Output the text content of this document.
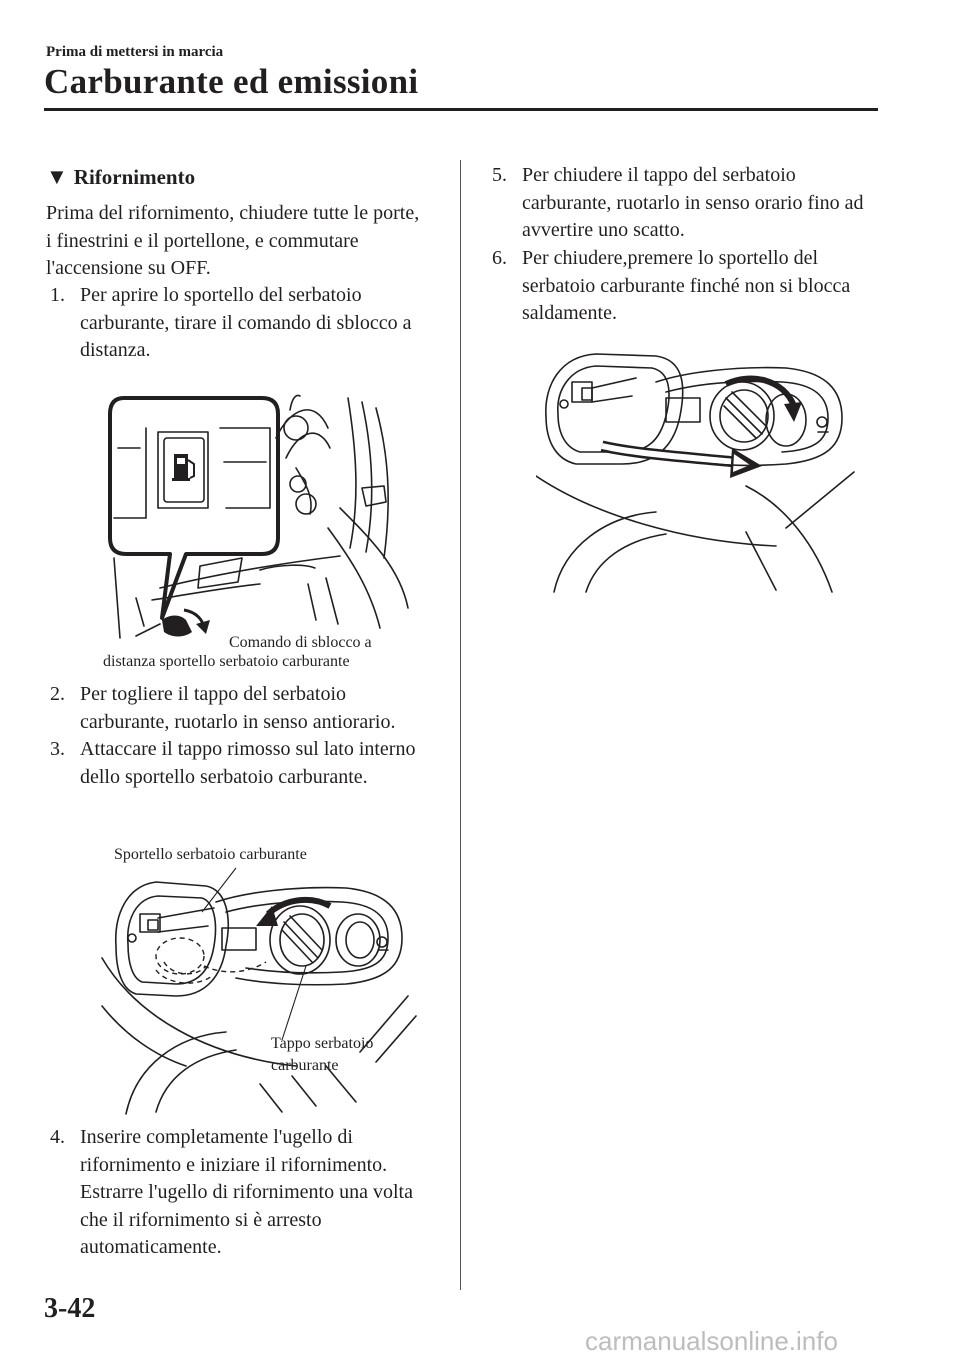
Prima di mettersi in marcia
Carburante ed emissioni
▼ Rifornimento
Prima del rifornimento, chiudere tutte le porte, i finestrini e il portellone, e commutare l'accensione su OFF.
1. Per aprire lo sportello del serbatoio carburante, tirare il comando di sblocco a distanza.
Comando di sblocco a
distanza sportello serbatoio carburante
2. Per togliere il tappo del serbatoio carburante, ruotarlo in senso antiorario.
3. Attaccare il tappo rimosso sul lato interno dello sportello serbatoio carburante.
Sportello serbatoio carburante
Tappo serbatoio
carburante
4. Inserire completamente l'ugello di rifornimento e iniziare il rifornimento. Estrarre l'ugello di rifornimento una volta che il rifornimento si è arresto automaticamente.
5. Per chiudere il tappo del serbatoio carburante, ruotarlo in senso orario fino ad avvertire uno scatto.
6. Per chiudere,premere lo sportello del serbatoio carburante finché non si blocca saldamente.
3-42
carmanualsonline.info
